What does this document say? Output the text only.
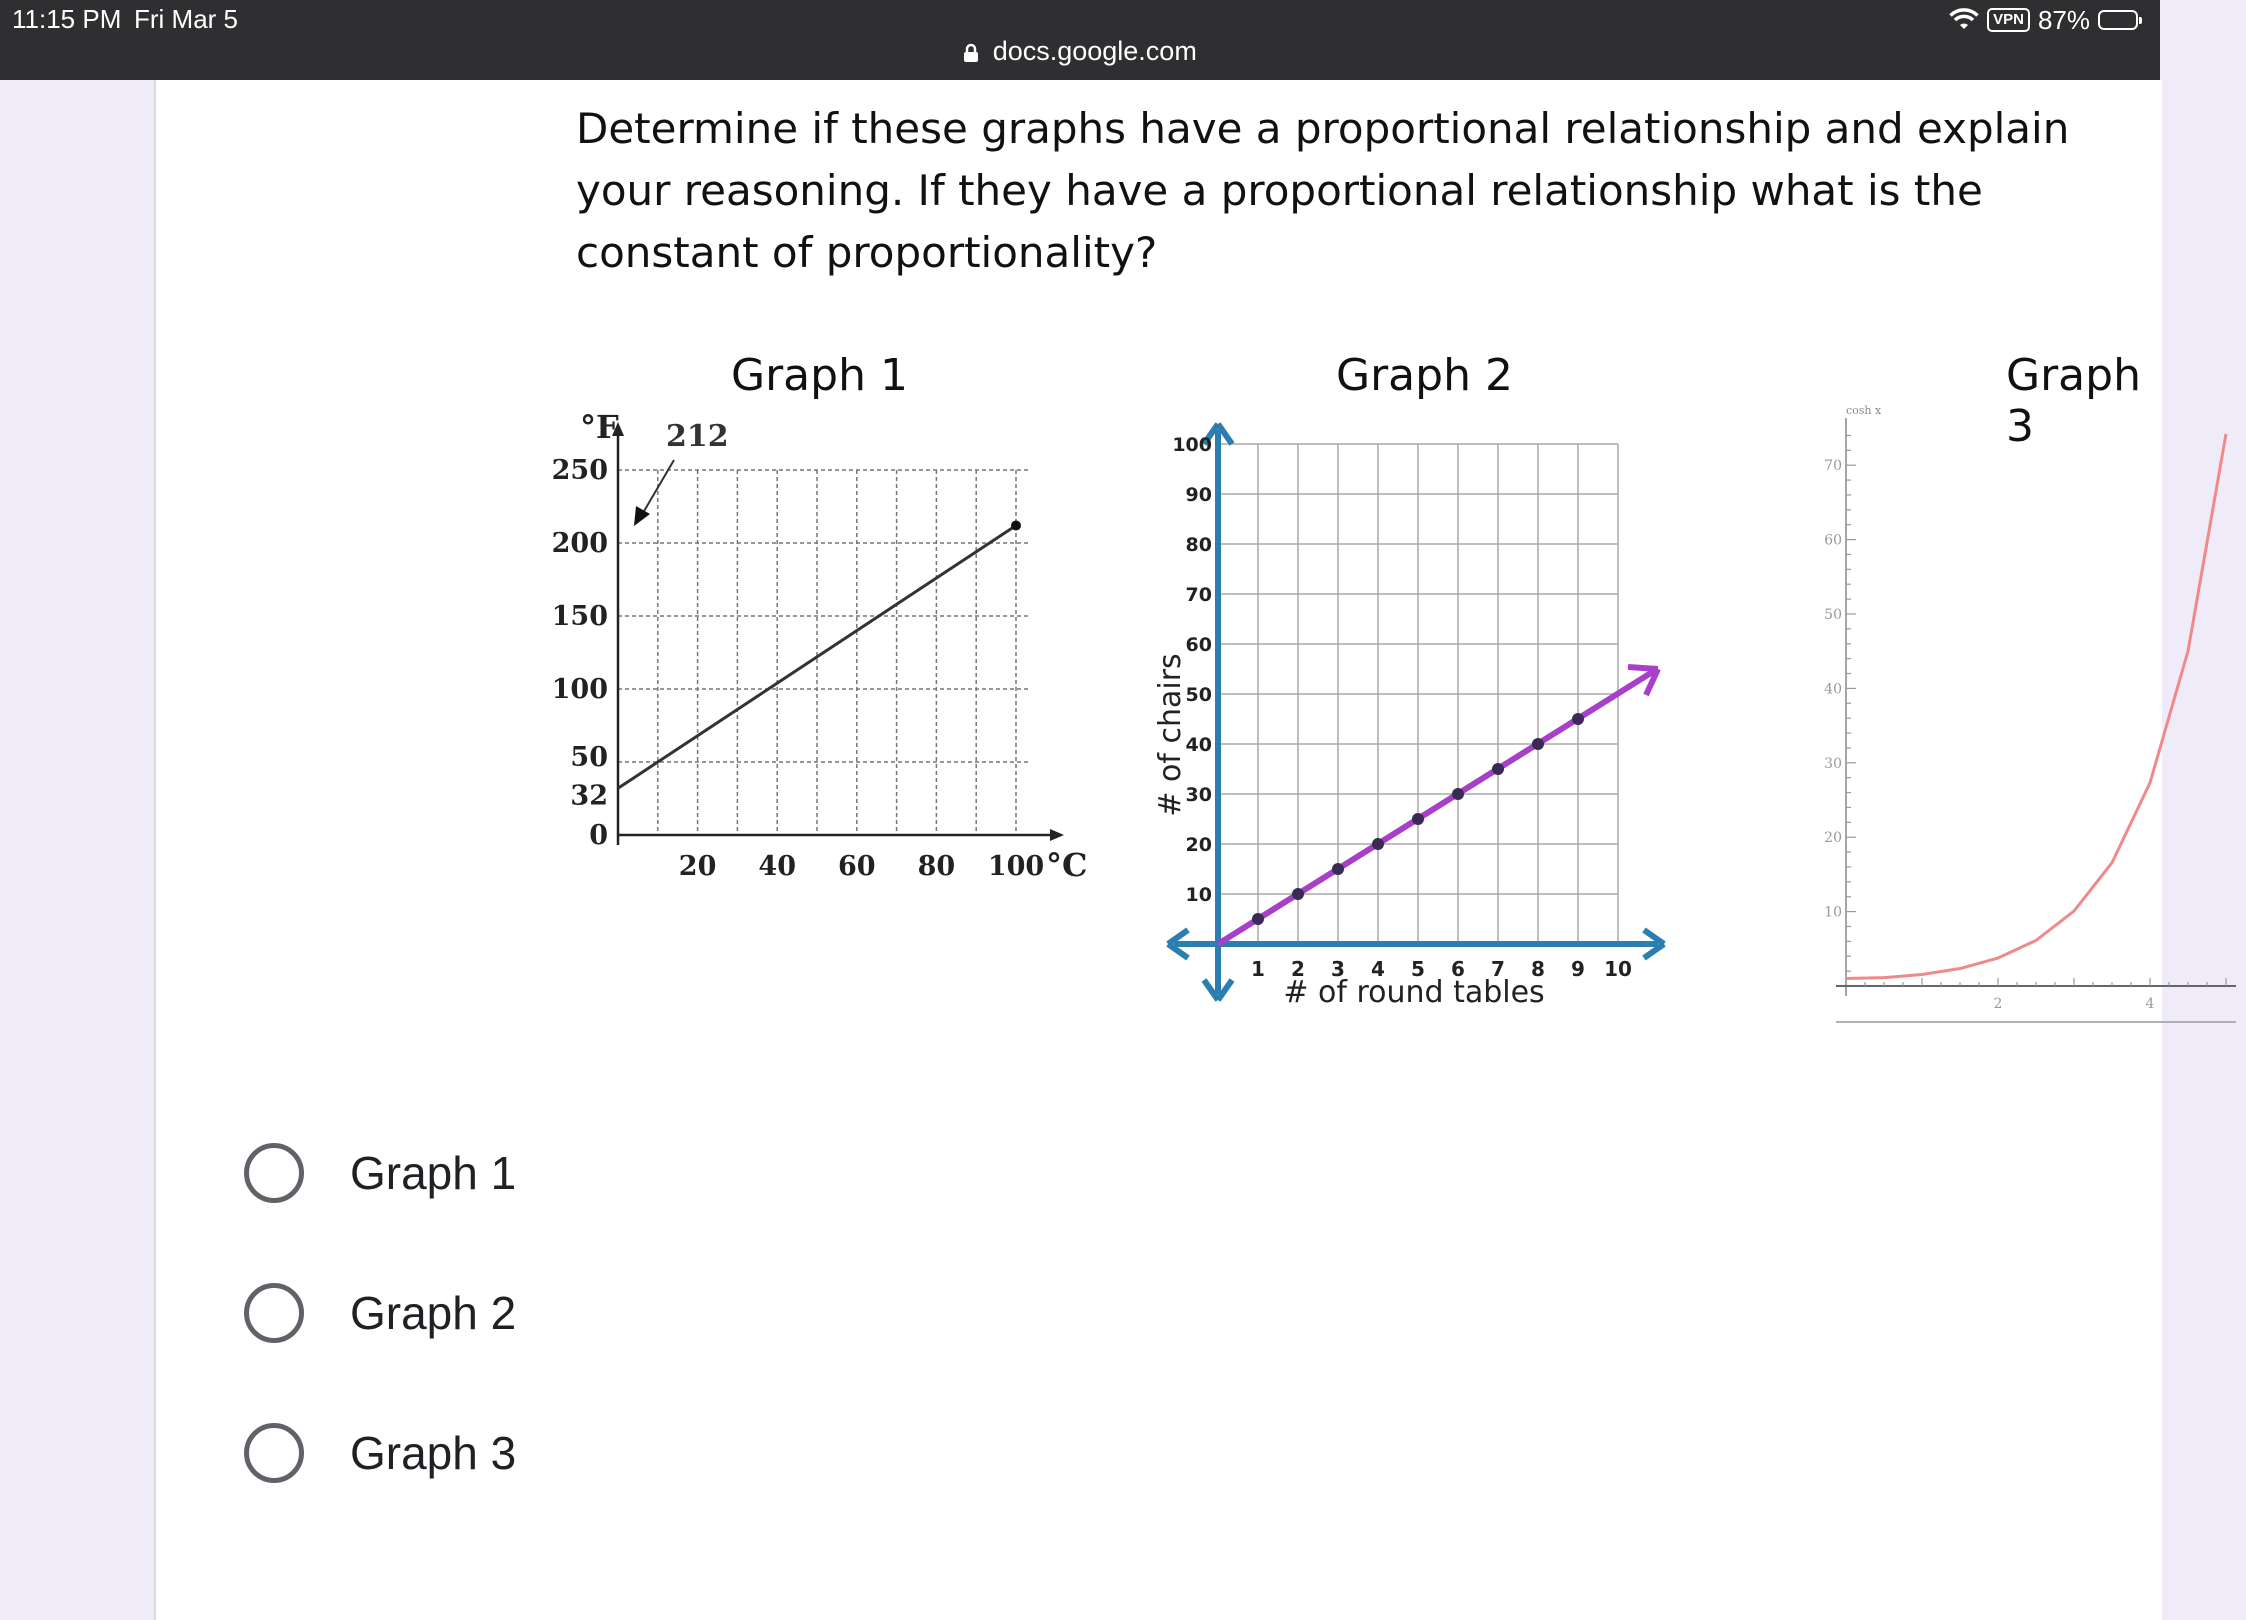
11:15 PM Fri Mar 5	VPN 87%
docs.google.com
Determine if these graphs have a proportional relationship and explain your reasoning. If they have a proportional relationship what is the constant of proportionality?
Graph 1	Graph 2	Graph 3
20 40 60 80 100
0
32
50
100
150
200
250
°F
°C
212
1 2 3 4 5 6 7 8 9 10
10
20
30
40
50
60
70
80
90
100
# of chairs
# of round tables
10
20
30
40
50
60
70
2	4
cosh x
Graph 1
Graph 2
Graph 3
